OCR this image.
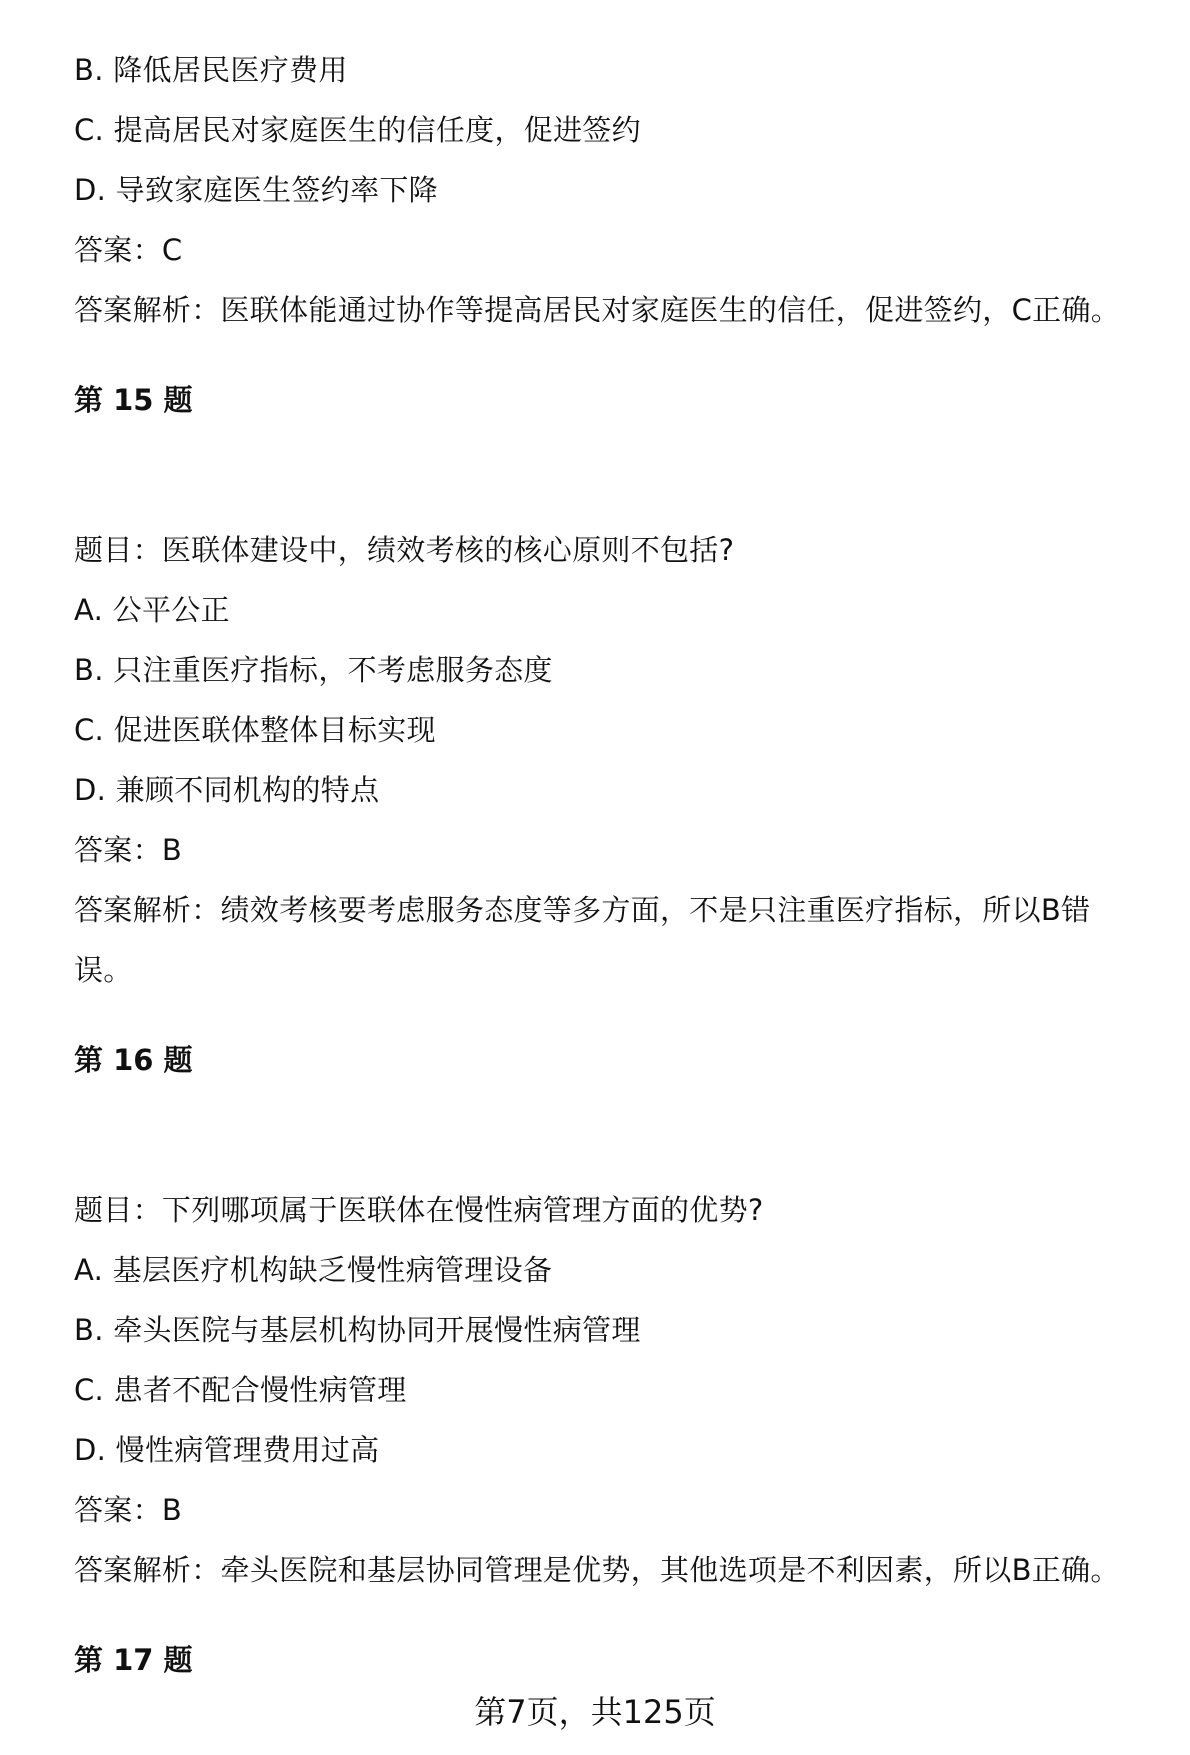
B. 降低居民医疗费用
C. 提高居民对家庭医生的信任度，促进签约
D. 导致家庭医生签约率下降
答案：C
答案解析：医联体能通过协作等提高居民对家庭医生的信任，促进签约，C正确。
第 15 题
题目：医联体建设中，绩效考核的核心原则不包括?
A. 公平公正
B. 只注重医疗指标，不考虑服务态度
C. 促进医联体整体目标实现
D. 兼顾不同机构的特点
答案：B
答案解析：绩效考核要考虑服务态度等多方面，不是只注重医疗指标，所以B错误。
第 16 题
题目：下列哪项属于医联体在慢性病管理方面的优势?
A. 基层医疗机构缺乏慢性病管理设备
B. 牵头医院与基层机构协同开展慢性病管理
C. 患者不配合慢性病管理
D. 慢性病管理费用过高
答案：B
答案解析：牵头医院和基层协同管理是优势，其他选项是不利因素，所以B正确。
第 17 题
第7页，共125页
